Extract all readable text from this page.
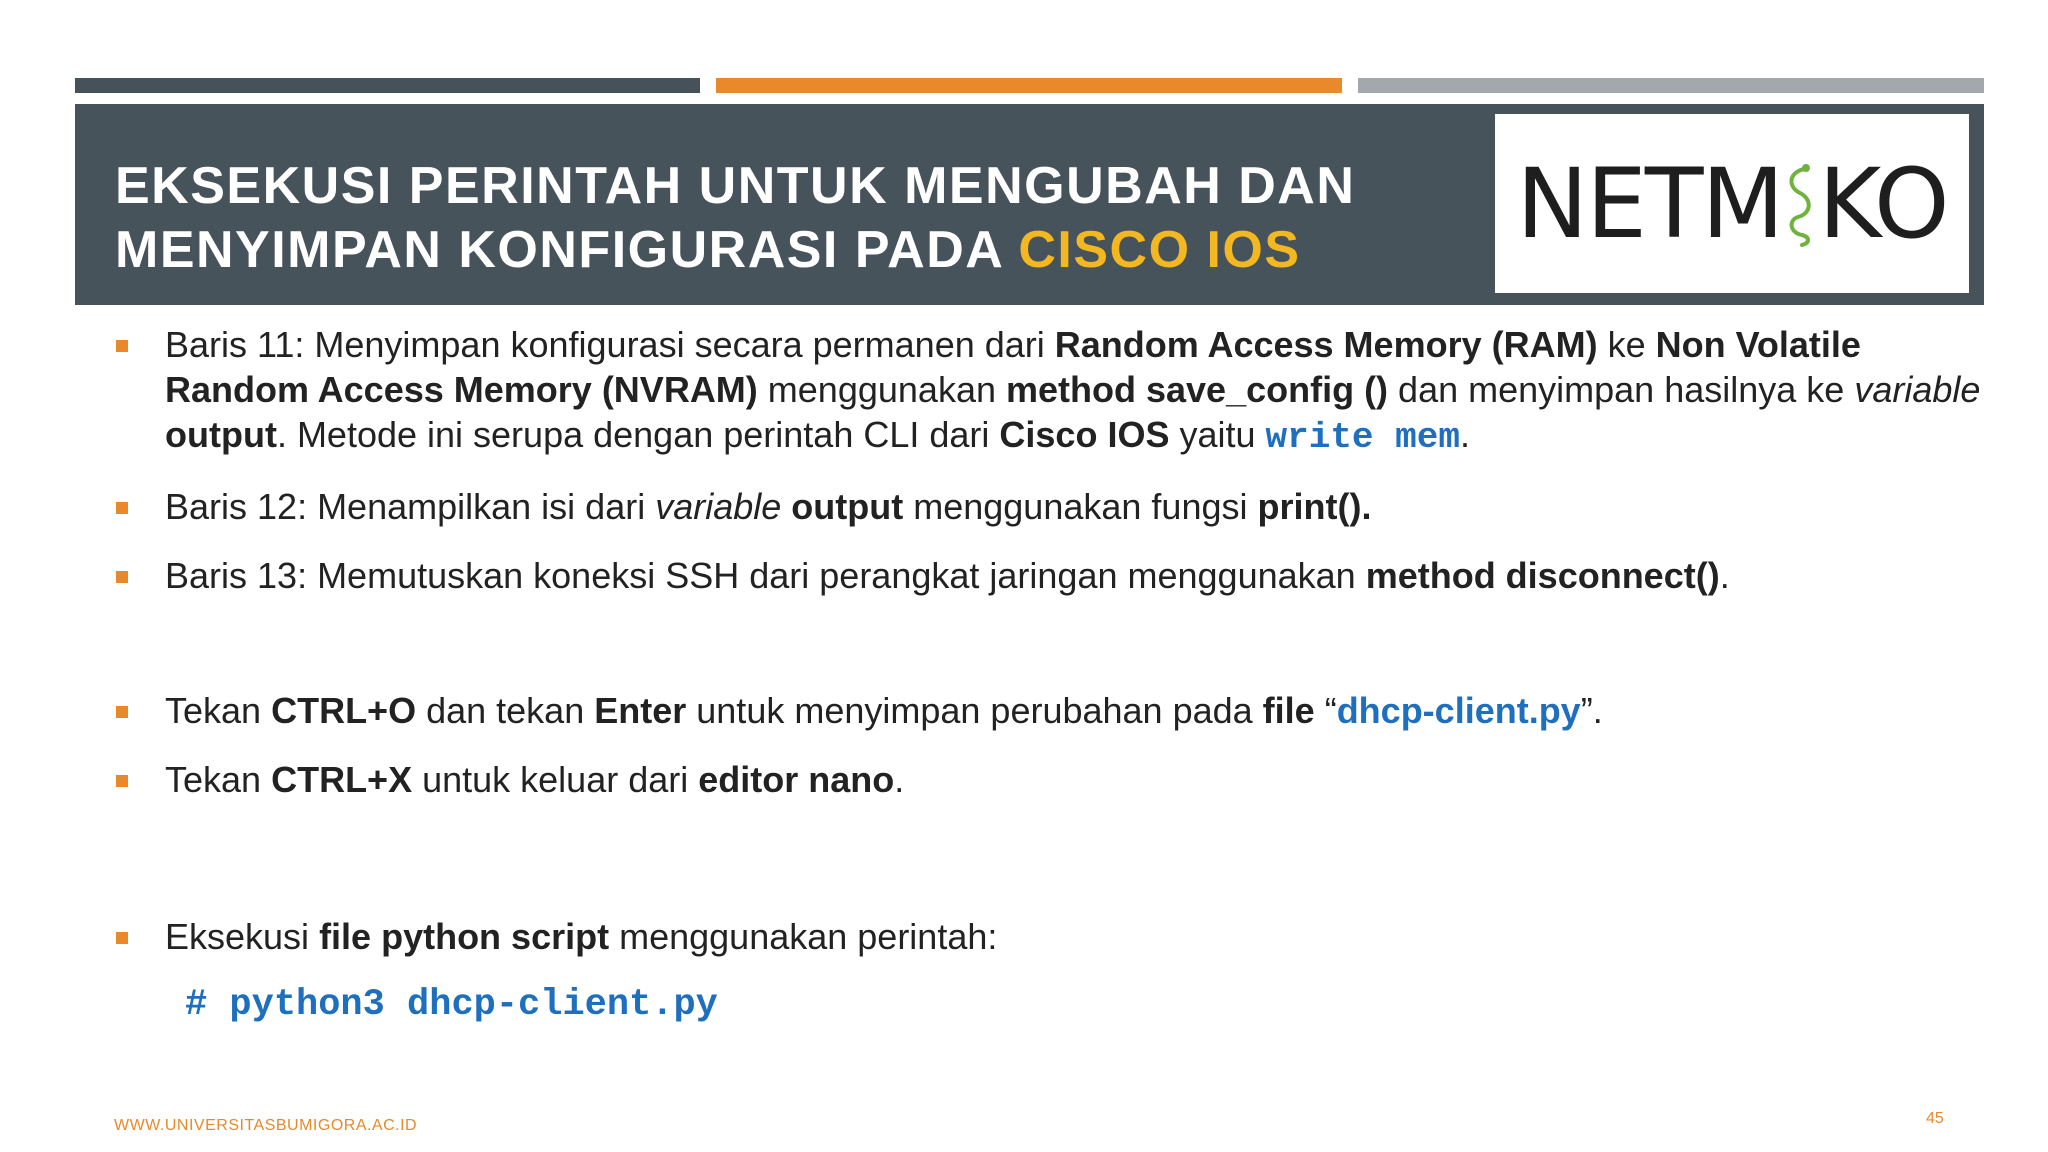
EKSEKUSI PERINTAH UNTUK MENGUBAH DAN
MENYIMPAN KONFIGURASI PADA CISCO IOS	NETM KO
Baris 11: Menyimpan konfigurasi secara permanen dari Random Access Memory (RAM) ke Non Volatile Random Access Memory (NVRAM) menggunakan method save_config () dan menyimpan hasilnya ke variable output. Metode ini serupa dengan perintah CLI dari Cisco IOS yaitu write mem.
Baris 12: Menampilkan isi dari variable output menggunakan fungsi print().
Baris 13: Memutuskan koneksi SSH dari perangkat jaringan menggunakan method disconnect().
Tekan CTRL+O dan tekan Enter untuk menyimpan perubahan pada file “dhcp-client.py”.
Tekan CTRL+X untuk keluar dari editor nano.
Eksekusi file python script menggunakan perintah:
# python3 dhcp-client.py
WWW.UNIVERSITASBUMIGORA.AC.ID	45
